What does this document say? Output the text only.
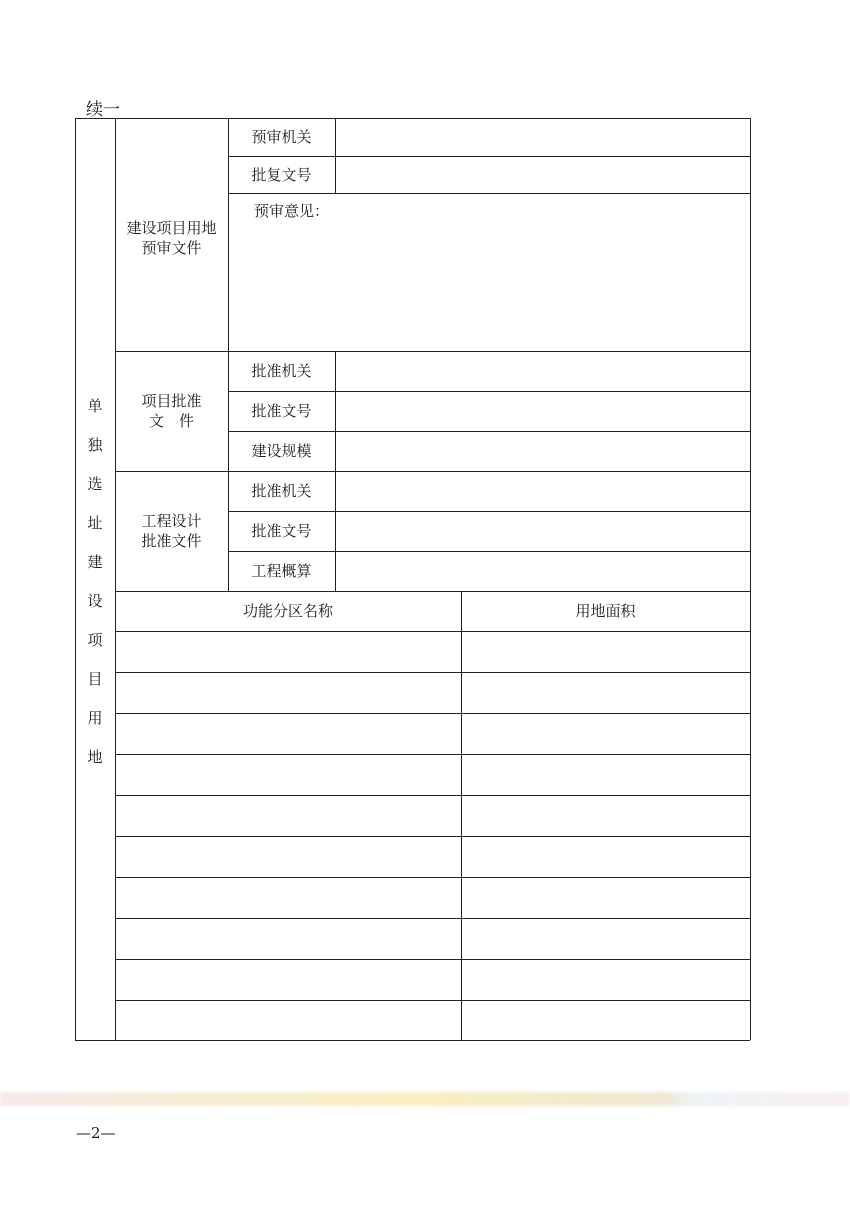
续一
单
独
选
址
建
设
项
目
用
地
建设项目用地
预审文件
预审机关
批复文号
预审意见：
项目批准
文　件
批准机关
批准文号
建设规模
工程设计
批准文件
批准机关
批准文号
工程概算
功能分区名称	用地面积
—2—
